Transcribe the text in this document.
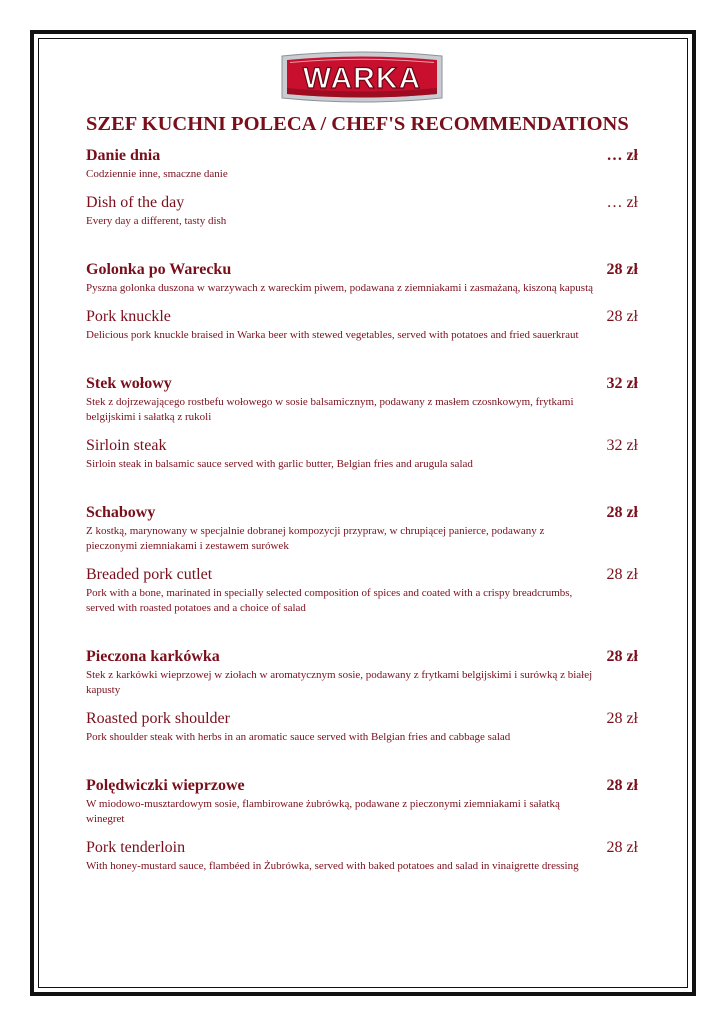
WARKA
SZEF KUCHNI POLECA / CHEF'S RECOMMENDATIONS
Danie dnia	… zł
Codziennie inne, smaczne danie
Dish of the day	… zł
Every day a different, tasty dish
Golonka po Warecku	28 zł
Pyszna golonka duszona w warzywach z wareckim piwem, podawana z ziemniakami i zasmażaną, kiszoną kapustą
Pork knuckle	28 zł
Delicious pork knuckle braised in Warka beer with stewed vegetables, served with potatoes and fried sauerkraut
Stek wołowy	32 zł
Stek z dojrzewającego rostbefu wołowego w sosie balsamicznym, podawany z masłem czosnkowym, frytkami belgijskimi i sałatką z rukoli
Sirloin steak	32 zł
Sirloin steak in balsamic sauce served with garlic butter, Belgian fries and arugula salad
Schabowy	28 zł
Z kostką, marynowany w specjalnie dobranej kompozycji przypraw, w chrupiącej panierce, podawany z pieczonymi ziemniakami i zestawem surówek
Breaded pork cutlet	28 zł
Pork with a bone, marinated in specially selected composition of spices and coated with a crispy breadcrumbs, served with roasted potatoes and a choice of salad
Pieczona karkówka	28 zł
Stek z karkówki wieprzowej w ziołach w aromatycznym sosie, podawany z frytkami belgijskimi i surówką z białej kapusty
Roasted pork shoulder	28 zł
Pork shoulder steak with herbs in an aromatic sauce served with Belgian fries and cabbage salad
Polędwiczki wieprzowe	28 zł
W miodowo-musztardowym sosie, flambirowane żubrówką, podawane z pieczonymi ziemniakami i sałatką winegret
Pork tenderloin	28 zł
With honey-mustard sauce, flambéed in Żubrówka, served with baked potatoes and salad in vinaigrette dressing
